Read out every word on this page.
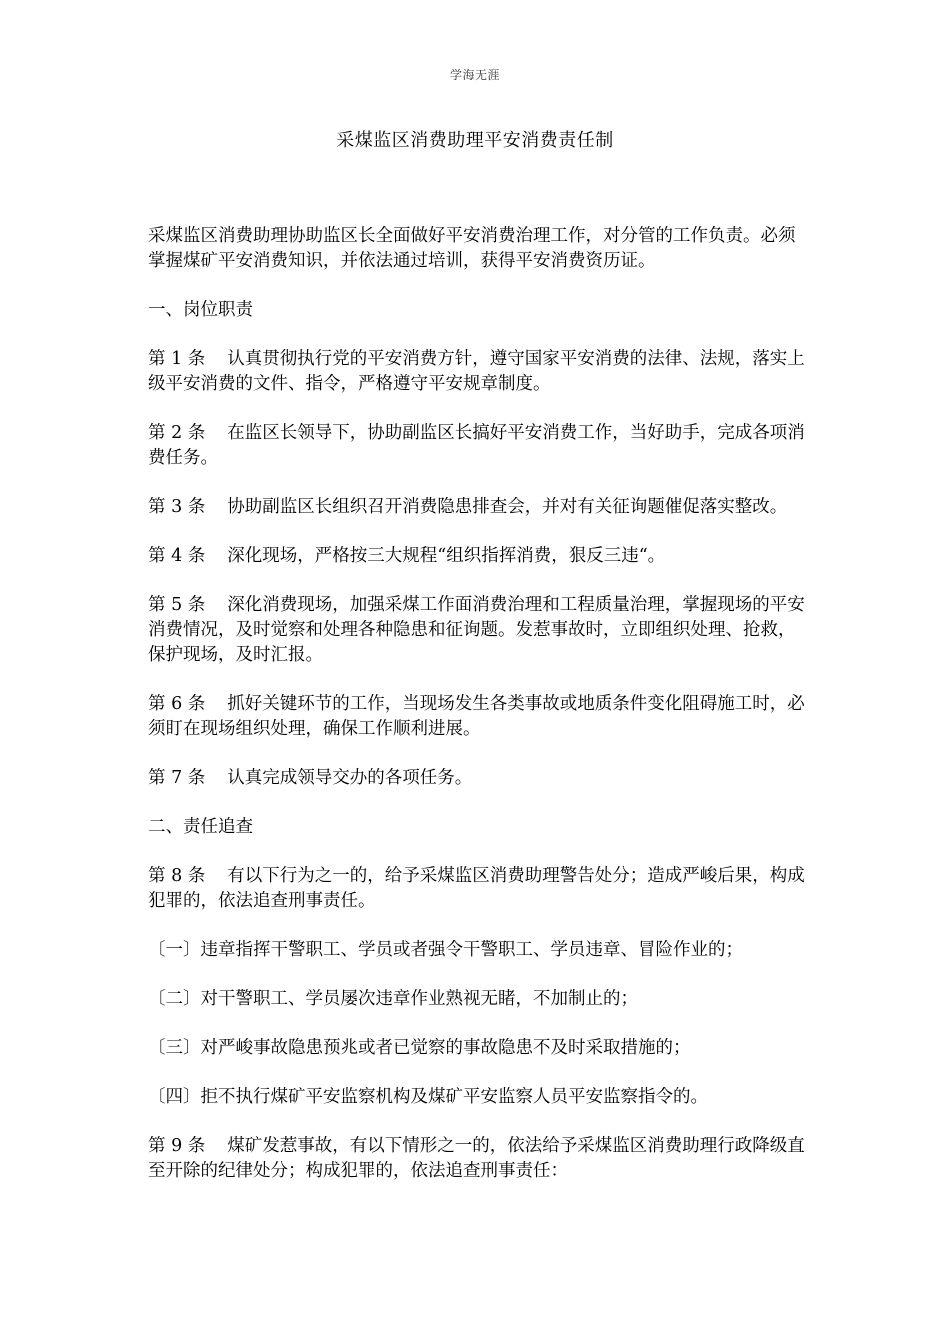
学海无涯
采煤监区消费助理平安消费责任制

采煤监区消费助理协助监区长全面做好平安消费治理工作，对分管的工作负责。必须掌握煤矿平安消费知识，并依法通过培训，获得平安消费资历证。

一、岗位职责

第 1 条 认真贯彻执行党的平安消费方针，遵守国家平安消费的法律、法规，落实上级平安消费的文件、指令，严格遵守平安规章制度。

第 2 条 在监区长领导下，协助副监区长搞好平安消费工作，当好助手，完成各项消费任务。

第 3 条 协助副监区长组织召开消费隐患排查会，并对有关征询题催促落实整改。

第 4 条 深化现场，严格按三大规程“组织指挥消费，狠反三违“。

第 5 条 深化消费现场，加强采煤工作面消费治理和工程质量治理，掌握现场的平安消费情况，及时觉察和处理各种隐患和征询题。发惹事故时，立即组织处理、抢救，保护现场，及时汇报。

第 6 条 抓好关键环节的工作，当现场发生各类事故或地质条件变化阻碍施工时，必须盯在现场组织处理，确保工作顺利进展。

第 7 条 认真完成领导交办的各项任务。

二、责任追查

第 8 条 有以下行为之一的，给予采煤监区消费助理警告处分；造成严峻后果，构成犯罪的，依法追查刑事责任。

〔一〕违章指挥干警职工、学员或者强令干警职工、学员违章、冒险作业的；

〔二〕对干警职工、学员屡次违章作业熟视无睹，不加制止的；

〔三〕对严峻事故隐患预兆或者已觉察的事故隐患不及时采取措施的；

〔四〕拒不执行煤矿平安监察机构及煤矿平安监察人员平安监察指令的。

第 9 条 煤矿发惹事故，有以下情形之一的，依法给予采煤监区消费助理行政降级直至开除的纪律处分；构成犯罪的，依法追查刑事责任：
